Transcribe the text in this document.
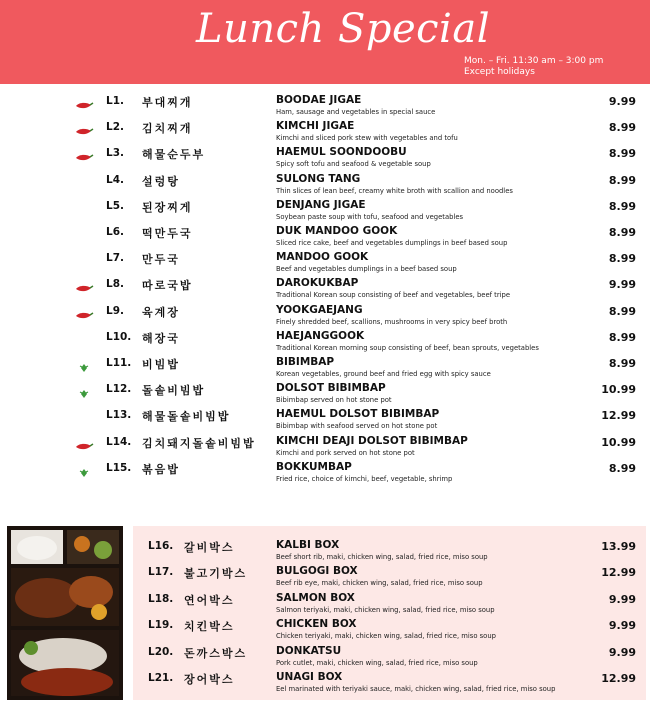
Lunch Special
Mon. – Fri. 11:30 am – 3:00 pm
Except holidays
L1. 부대찌개	BOODAE JIGAE
Ham, sausage and vegetables in special sauce
9.99
L2. 김치찌개	KIMCHI JIGAE
Kimchi and sliced pork stew with vegetables and tofu
8.99
L3. 해물순두부	HAEMUL SOONDOOBU
Spicy soft tofu and seafood & vegetable soup
8.99
L4. 설렁탕	SULONG TANG
Thin slices of lean beef, creamy white broth with scallion and noodles
8.99
L5. 된장찌게	DENJANG JIGAE
Soybean paste soup with tofu, seafood and vegetables
8.99
L6. 떡만두국	DUK MANDOO GOOK
Sliced rice cake, beef and vegetables dumplings in beef based soup
8.99
L7. 만두국	MANDOO GOOK
Beef and vegetables dumplings in a beef based soup
8.99
L8. 따로국밥	DAROKUKBAP
Traditional Korean soup consisting of beef and vegetables, beef tripe
9.99
L9. 육계장	YOOKGAEJANG
Finely shredded beef, scallions, mushrooms in very spicy beef broth
8.99
L10. 해장국	HAEJANGGOOK
Traditional Korean morning soup consisting of beef, bean sprouts, vegetables
8.99
L11. 비빔밥	BIBIMBAP
Korean vegetables, ground beef and fried egg with spicy sauce
8.99
L12. 돌솥비빔밥	DOLSOT BIBIMBAP
Bibimbap served on hot stone pot
10.99
L13. 해물돌솥비빔밥	HAEMUL DOLSOT BIBIMBAP
Bibimbap with seafood served on hot stone pot
12.99
L14. 김치돼지돌솥비빔밥 KIMCHI DEAJI DOLSOT BIBIMBAP
Kimchi and pork served on hot stone pot
10.99
L15. 볶음밥	BOKKUMBAP
Fried rice, choice of kimchi, beef, vegetable, shrimp
8.99
L16. 갈비박스	KALBI BOX
Beef short rib, maki, chicken wing, salad, fried rice, miso soup
13.99
L17. 불고기박스	BULGOGI BOX
Beef rib eye, maki, chicken wing, salad, fried rice, miso soup
12.99
L18. 연어박스	SALMON BOX
Salmon teriyaki, maki, chicken wing, salad, fried rice, miso soup
9.99
L19. 치킨박스	CHICKEN BOX
Chicken teriyaki, maki, chicken wing, salad, fried rice, miso soup
9.99
L20. 돈까스박스	DONKATSU
Pork cutlet, maki, chicken wing, salad, fried rice, miso soup
9.99
L21. 장어박스	UNAGI BOX
Eel marinated with teriyaki sauce, maki, chicken wing, salad, fried rice, miso soup
12.99
